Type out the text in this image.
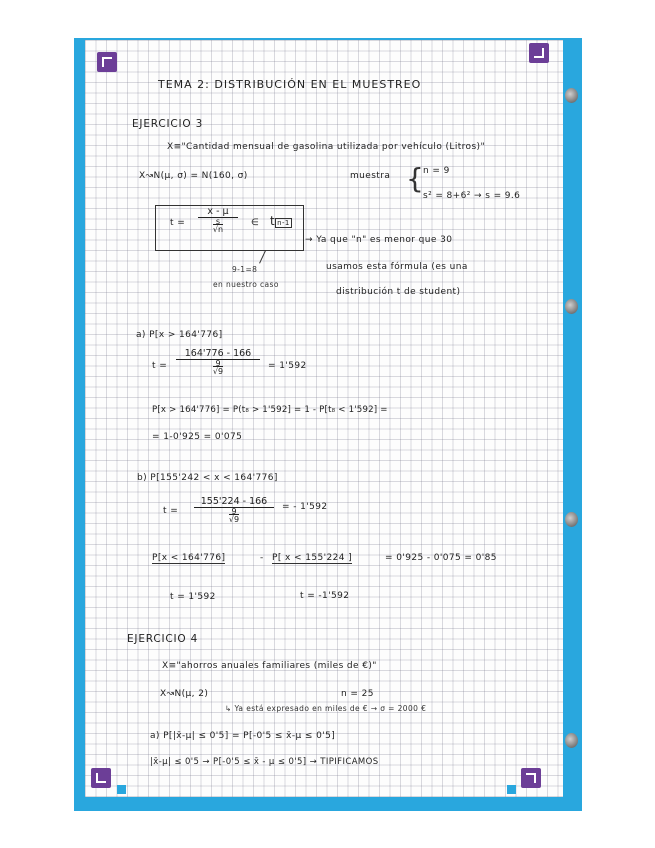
TEMA 2: DISTRIBUCIÓN EN EL MUESTREO
EJERCICIO 3
X≡"Cantidad mensual de gasolina utilizada por vehículo (Litros)"
X↝N(μ, σ) = N(160, σ)	muestra {
n = 9
s² = 8+6² → s = 9.6
t =
x - μ
s
√n
∈ tn-1
→ Ya que "n" es menor que 30
usamos esta fórmula (es una
distribución t de student)
9-1=8
en nuestro caso
a) P[x > 164'776]
t =
164'776 - 166
9
√9
= 1'592
P[x > 164'776] = P(t₈ > 1'592] = 1 - P[t₈ < 1'592] =
= 1-0'925 = 0'075
b) P[155'242 < x < 164'776]
t =
155'224 - 166
9
√9
= - 1'592
P[x < 164'776]	- P[ x < 155'224 ]	= 0'925 - 0'075 = 0'85
t = 1'592	t = -1'592
EJERCICIO 4
X≡"ahorros anuales familiares (miles de €)"
X↝N(μ, 2)	n = 25
↳ Ya está expresado en miles de € → σ = 2000 €
a) P[|x̄-μ| ≤ 0'5] = P[-0'5 ≤ x̄-μ ≤ 0'5]
|x̄-μ| ≤ 0'5 → P[-0'5 ≤ x̄ - μ ≤ 0'5] → TIPIFICAMOS
